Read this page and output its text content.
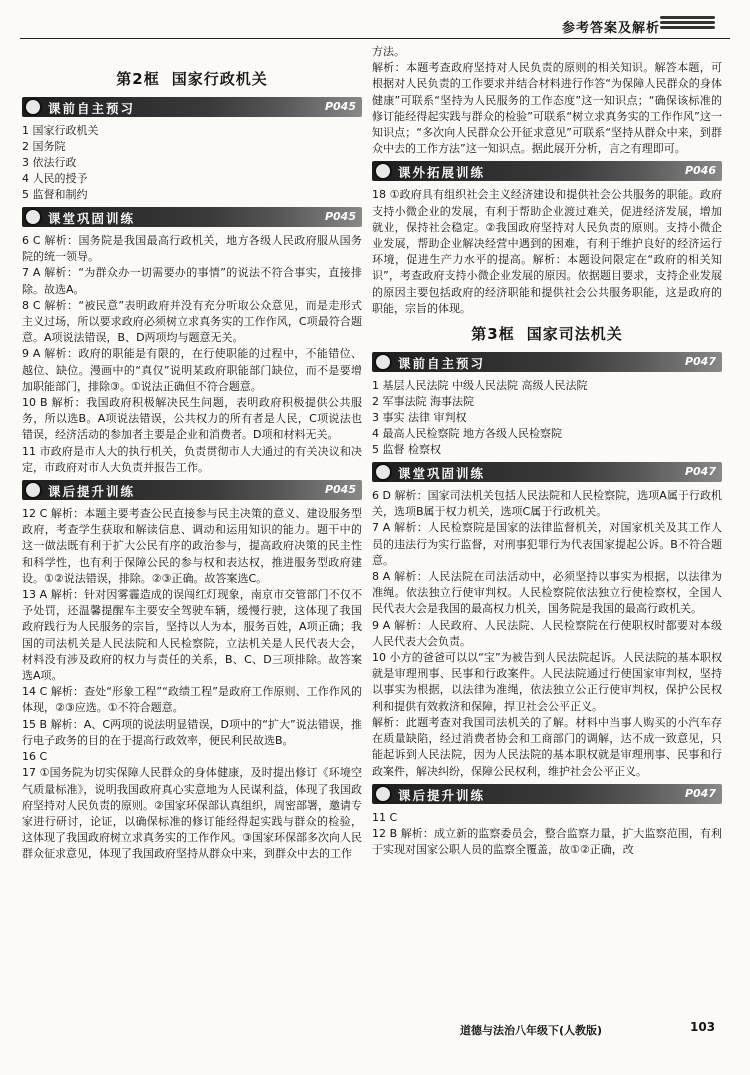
参考答案及解析
第2框 国家行政机关
课前自主预习	P045
1 国家行政机关
2 国务院
3 依法行政
4 人民的授予
5 监督和制约
课堂巩固训练	P045

6 C 解析：国务院是我国最高行政机关，地方各级人民政府服从国务院的统一领导。

7 A 解析：“为群众办一切需要办的事情”的说法不符合事实，直接排除。故选A。

8 C 解析：“被民意”表明政府并没有充分听取公众意见，而是走形式主义过场，所以要求政府必须树立求真务实的工作作风，C项最符合题意。A项说法错误，B、D两项均与题意无关。

9 A 解析：政府的职能是有限的，在行使职能的过程中，不能错位、越位、缺位。漫画中的“真仅”说明某政府职能部门缺位，而不是要增加职能部门，排除③。①说法正确但不符合题意。

10 B 解析：我国政府积极解决民生问题，表明政府积极提供公共服务，所以选B。A项说法错误，公共权力的所有者是人民，C项说法也错误，经济活动的参加者主要是企业和消费者。D项和材料无关。

11 市政府是市人大的执行机关，负责贯彻市人大通过的有关决议和决定，市政府对市人大负责并报告工作。

课后提升训练	P045

12 C 解析：本题主要考查公民直接参与民主决策的意义、建设服务型政府，考查学生获取和解读信息、调动和运用知识的能力。题干中的这一做法既有利于扩大公民有序的政治参与，提高政府决策的民主性和科学性，也有利于保障公民的参与权和表达权，推进服务型政府建设。①②说法错误，排除。②③正确。故答案选C。

13 A 解析：针对因雾霾造成的误闯红灯现象，南京市交管部门不仅不予处罚，还温馨提醒车主要安全驾驶车辆，缓慢行驶，这体现了我国政府践行为人民服务的宗旨，坚持以人为本，服务百姓，A项正确；我国的司法机关是人民法院和人民检察院，立法机关是人民代表大会，材料没有涉及政府的权力与责任的关系，B、C、D三项排除。故答案选A项。

14 C 解析：查处“形象工程”“政绩工程”是政府工作原则、工作作风的体现，②③应选。①不符合题意。

15 B 解析：A、C两项的说法明显错误，D项中的“扩大”说法错误，推行电子政务的目的在于提高行政效率，便民利民故选B。

16 C

17 ①国务院为切实保障人民群众的身体健康，及时提出修订《环境空气质量标准》，说明我国政府真心实意地为人民谋利益，体现了我国政府坚持对人民负责的原则。②国家环保部认真组织，周密部署，邀请专家进行研讨，论证，以确保标准的修订能经得起实践与群众的检验，这体现了我国政府树立求真务实的工作作风。③国家环保部多次向人民群众征求意见，体现了我国政府坚持从群众中来，到群众中去的工作

方法。

解析：本题考查政府坚持对人民负责的原则的相关知识。解答本题，可根据对人民负责的工作要求并结合材料进行作答“为保障人民群众的身体健康”可联系“坚持为人民服务的工作态度”这一知识点；“确保该标准的修订能经得起实践与群众的检验”可联系“树立求真务实的工作作风”这一知识点；“多次向人民群众公开征求意见”可联系“坚持从群众中来，到群众中去的工作方法”这一知识点。据此展开分析，言之有理即可。

课外拓展训练	P046

18 ①政府具有组织社会主义经济建设和提供社会公共服务的职能。政府支持小微企业的发展，有利于帮助企业渡过难关，促进经济发展，增加就业，保持社会稳定。②我国政府坚持对人民负责的原则。支持小微企业发展，帮助企业解决经营中遇到的困难，有利于维护良好的经济运行环境，促进生产力水平的提高。解析：本题设问限定在“政府的相关知识”，考查政府支持小微企业发展的原因。依据题目要求，支持企业发展的原因主要包括政府的经济职能和提供社会公共服务职能，这是政府的职能，宗旨的体现。

第3框 国家司法机关
课前自主预习	P047
1 基层人民法院 中级人民法院 高级人民法院
2 军事法院 海事法院
3 事实 法律 审判权
4 最高人民检察院 地方各级人民检察院
5 监督 检察权
课堂巩固训练	P047

6 D 解析：国家司法机关包括人民法院和人民检察院，选项A属于行政机关，选项B属于权力机关，选项C属于行政机关。

7 A 解析：人民检察院是国家的法律监督机关，对国家机关及其工作人员的违法行为实行监督，对刑事犯罪行为代表国家提起公诉。B不符合题意。

8 A 解析：人民法院在司法活动中，必须坚持以事实为根据，以法律为准绳。依法独立行使审判权。人民检察院依法独立行使检察权，全国人民代表大会是我国的最高权力机关，国务院是我国的最高行政机关。

9 A 解析：人民政府、人民法院、人民检察院在行使职权时都要对本级人民代表大会负责。

10 小方的爸爸可以以“宝”为被告到人民法院起诉。人民法院的基本职权就是审理刑事、民事和行政案件。人民法院通过行使国家审判权，坚持以事实为根据，以法律为准绳，依法独立公正行使审判权，保护公民权利和提供有效救济和保障，捍卫社会公平正义。

解析：此题考查对我国司法机关的了解。材料中当事人购买的小汽车存在质量缺陷，经过消费者协会和工商部门的调解，达不成一致意见，只能起诉到人民法院，因为人民法院的基本职权就是审理刑事、民事和行政案件，解决纠纷，保障公民权利，维护社会公平正义。

课后提升训练	P047

11 C

12 B 解析：成立新的监察委员会，整合监察力量，扩大监察范围，有利于实现对国家公职人员的监察全覆盖，故①②正确，改

道德与法治八年级下(人教版)	103
